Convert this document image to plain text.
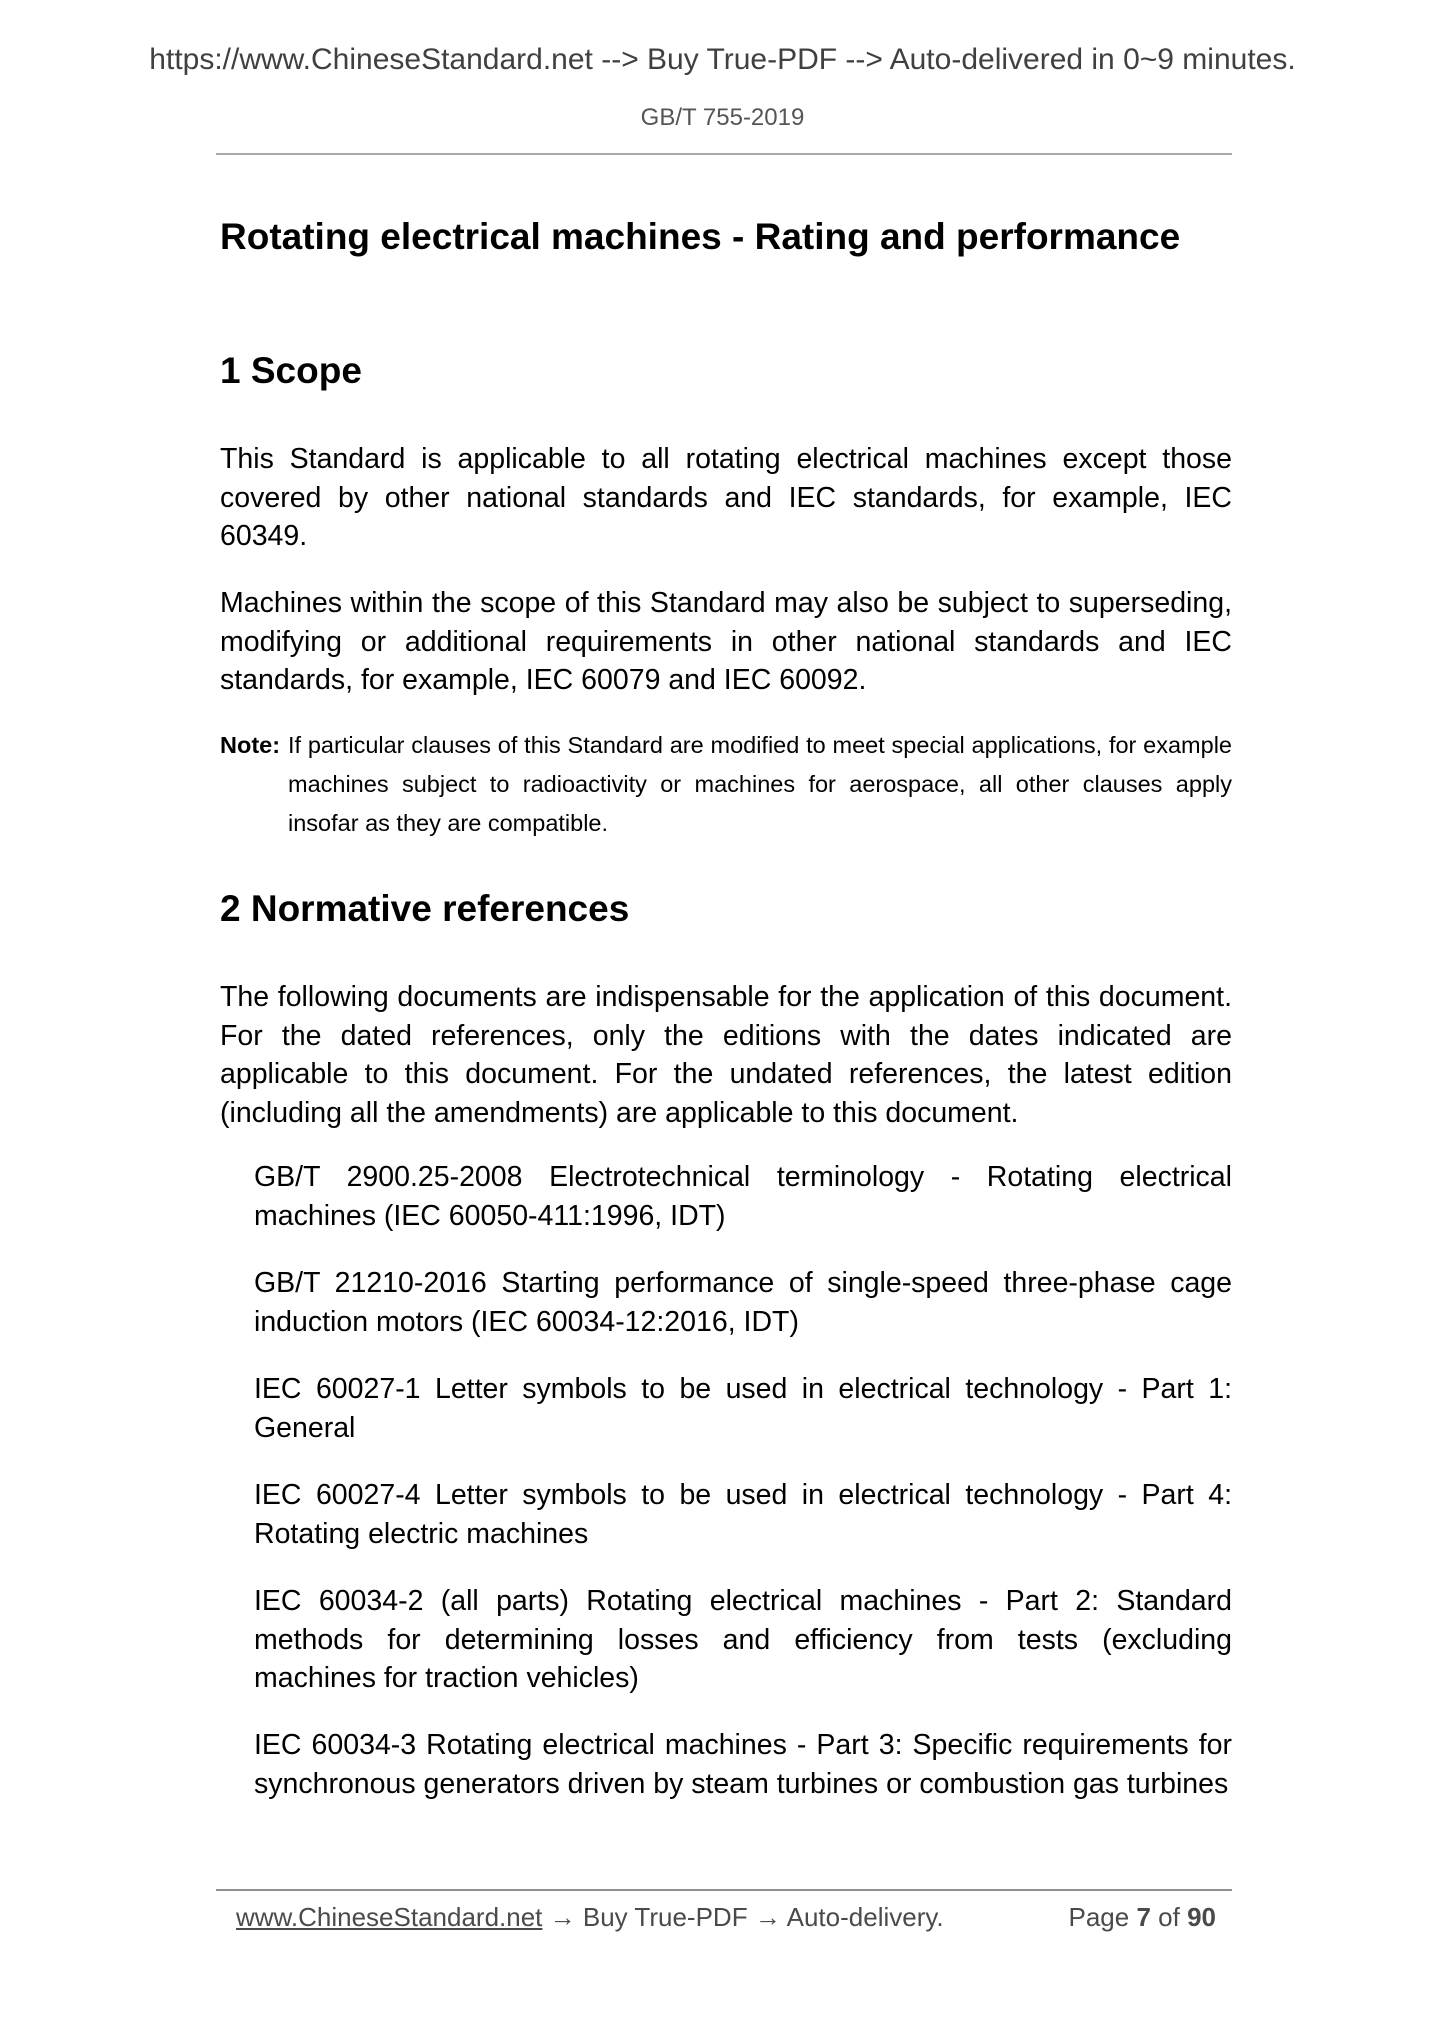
https://www.ChineseStandard.net --> Buy True-PDF --> Auto-delivered in 0~9 minutes.
GB/T 755-2019
Rotating electrical machines - Rating and performance
1 Scope
This Standard is applicable to all rotating electrical machines except those covered by other national standards and IEC standards, for example, IEC 60349.
Machines within the scope of this Standard may also be subject to superseding, modifying or additional requirements in other national standards and IEC standards, for example, IEC 60079 and IEC 60092.
Note: If particular clauses of this Standard are modified to meet special applications, for example machines subject to radioactivity or machines for aerospace, all other clauses apply insofar as they are compatible.
2 Normative references
The following documents are indispensable for the application of this document. For the dated references, only the editions with the dates indicated are applicable to this document. For the undated references, the latest edition (including all the amendments) are applicable to this document.
GB/T 2900.25-2008 Electrotechnical terminology - Rotating electrical machines (IEC 60050-411:1996, IDT)
GB/T 21210-2016 Starting performance of single-speed three-phase cage induction motors (IEC 60034-12:2016, IDT)
IEC 60027-1 Letter symbols to be used in electrical technology - Part 1: General
IEC 60027-4 Letter symbols to be used in electrical technology - Part 4: Rotating electric machines
IEC 60034-2 (all parts) Rotating electrical machines - Part 2: Standard methods for determining losses and efficiency from tests (excluding machines for traction vehicles)
IEC 60034-3 Rotating electrical machines - Part 3: Specific requirements for synchronous generators driven by steam turbines or combustion gas turbines
www.ChineseStandard.net → Buy True-PDF → Auto-delivery.	Page 7 of 90
